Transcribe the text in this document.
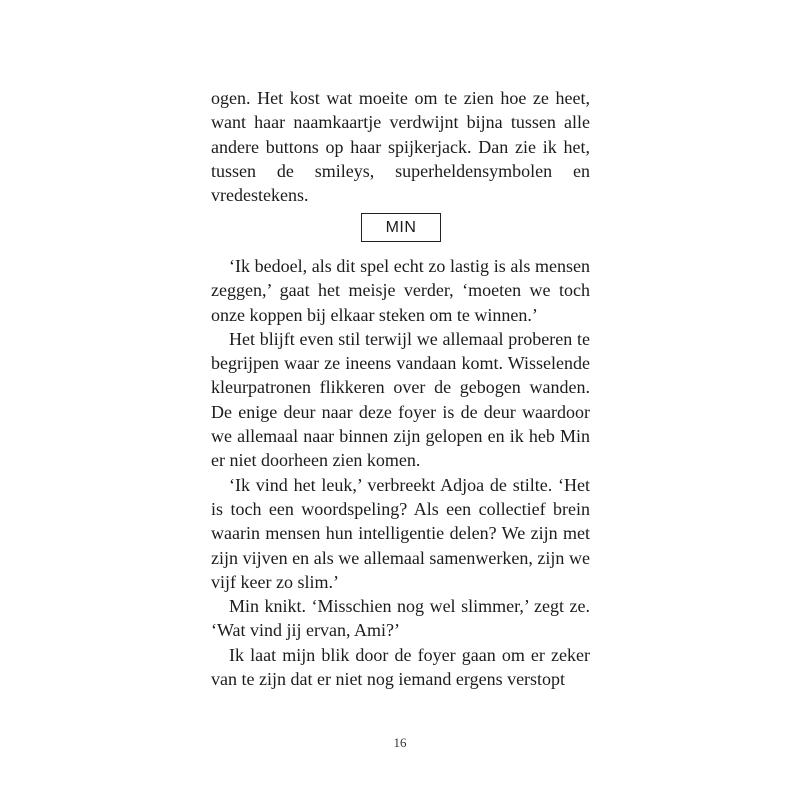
ogen. Het kost wat moeite om te zien hoe ze heet, want haar naamkaartje verdwijnt bijna tussen alle andere buttons op haar spijkerjack. Dan zie ik het, tussen de smileys, superheldensymbolen en vredestekens.

MIN

‘Ik bedoel, als dit spel echt zo lastig is als mensen zeggen,’ gaat het meisje verder, ‘moeten we toch onze koppen bij elkaar steken om te winnen.’

Het blijft even stil terwijl we allemaal proberen te begrijpen waar ze ineens vandaan komt. Wisselende kleurpatronen flikkeren over de gebogen wanden. De enige deur naar deze foyer is de deur waardoor we allemaal naar binnen zijn gelopen en ik heb Min er niet doorheen zien komen.

‘Ik vind het leuk,’ verbreekt Adjoa de stilte. ‘Het is toch een woordspeling? Als een collectief brein waarin mensen hun intelligentie delen? We zijn met zijn vijven en als we allemaal samenwerken, zijn we vijf keer zo slim.’

Min knikt. ‘Misschien nog wel slimmer,’ zegt ze. ‘Wat vind jij ervan, Ami?’

Ik laat mijn blik door de foyer gaan om er zeker van te zijn dat er niet nog iemand ergens verstopt

16
